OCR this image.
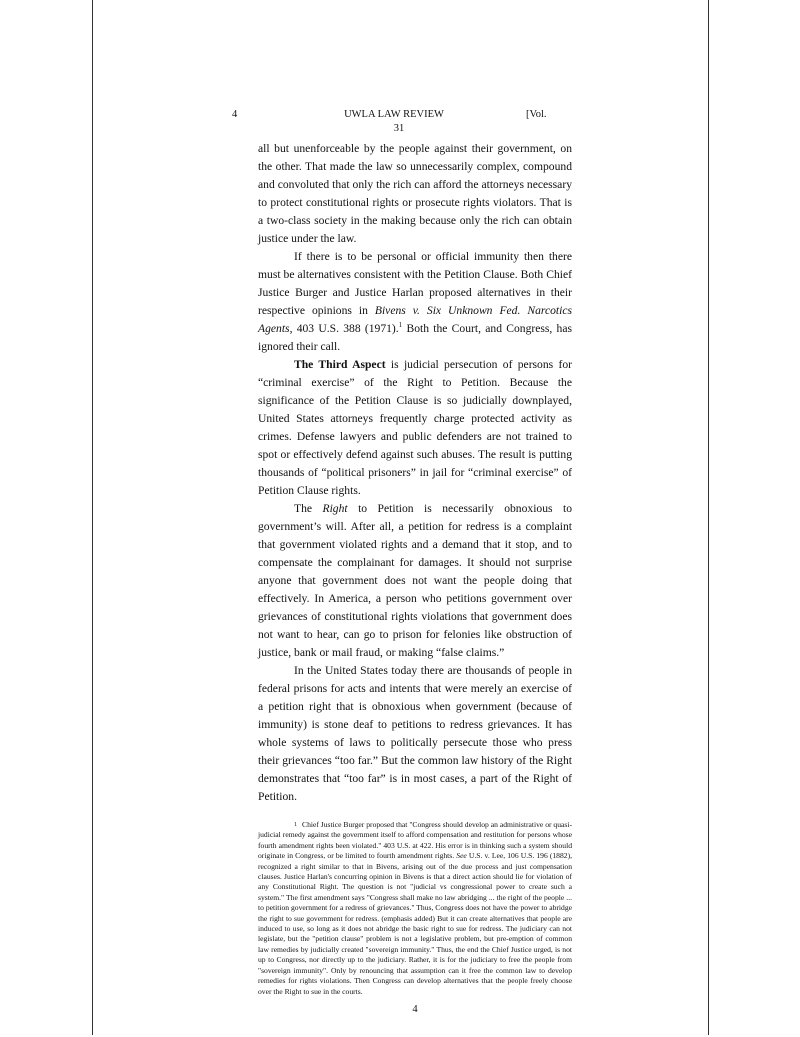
4	UWLA LAW REVIEW	[Vol.
31

all but unenforceable by the people against their government, on the other. That made the law so unnecessarily complex, compound and convoluted that only the rich can afford the attorneys necessary to protect constitutional rights or prosecute rights violators. That is a two-class society in the making because only the rich can obtain justice under the law.

If there is to be personal or official immunity then there must be alternatives consistent with the Petition Clause. Both Chief Justice Burger and Justice Harlan proposed alternatives in their respective opinions in Bivens v. Six Unknown Fed. Narcotics Agents, 403 U.S. 388 (1971).$^1$ Both the Court, and Congress, has ignored their call.

The Third Aspect is judicial persecution of persons for “criminal exercise” of the Right to Petition. Because the significance of the Petition Clause is so judicially downplayed, United States attorneys frequently charge protected activity as crimes. Defense lawyers and public defenders are not trained to spot or effectively defend against such abuses. The result is putting thousands of “political prisoners” in jail for “criminal exercise” of Petition Clause rights.

The Right to Petition is necessarily obnoxious to government’s will. After all, a petition for redress is a complaint that government violated rights and a demand that it stop, and to compensate the complainant for damages. It should not surprise anyone that government does not want the people doing that effectively. In America, a person who petitions government over grievances of constitutional rights violations that government does not want to hear, can go to prison for felonies like obstruction of justice, bank or mail fraud, or making “false claims.”

In the United States today there are thousands of people in federal prisons for acts and intents that were merely an exercise of a petition right that is obnoxious when government (because of immunity) is stone deaf to petitions to redress grievances. It has whole systems of laws to politically persecute those who press their grievances “too far.” But the common law history of the Right demonstrates that “too far” is in most cases, a part of the Right of Petition.

1 Chief Justice Burger proposed that "Congress should develop an administrative or quasi-judicial remedy against the government itself to afford compensation and restitution for persons whose fourth amendment rights been violated." 403 U.S. at 422. His error is in thinking such a system should originate in Congress, or be limited to fourth amendment rights. See U.S. v. Lee, 106 U.S. 196 (1882), recognized a right similar to that in Bivens, arising out of the due process and just compensation clauses. Justice Harlan's concurring opinion in Bivens is that a direct action should lie for violation of any Constitutional Right. The question is not "judicial vs congressional power to create such a system." The first amendment says "Congress shall make no law abridging ... the right of the people ... to petition government for a redress of grievances." Thus, Congress does not have the power to abridge the right to sue government for redress. (emphasis added) But it can create alternatives that people are induced to use, so long as it does not abridge the basic right to sue for redress. The judiciary can not legislate, but the "petition clause" problem is not a legislative problem, but pre-emption of common law remedies by judicially created "sovereign immunity." Thus, the end the Chief Justice urged, is not up to Congress, nor directly up to the judiciary. Rather, it is for the judiciary to free the people from "sovereign immunity". Only by renouncing that assumption can it free the common law to develop remedies for rights violations. Then Congress can develop alternatives that the people freely choose over the Right to sue in the courts.
4
